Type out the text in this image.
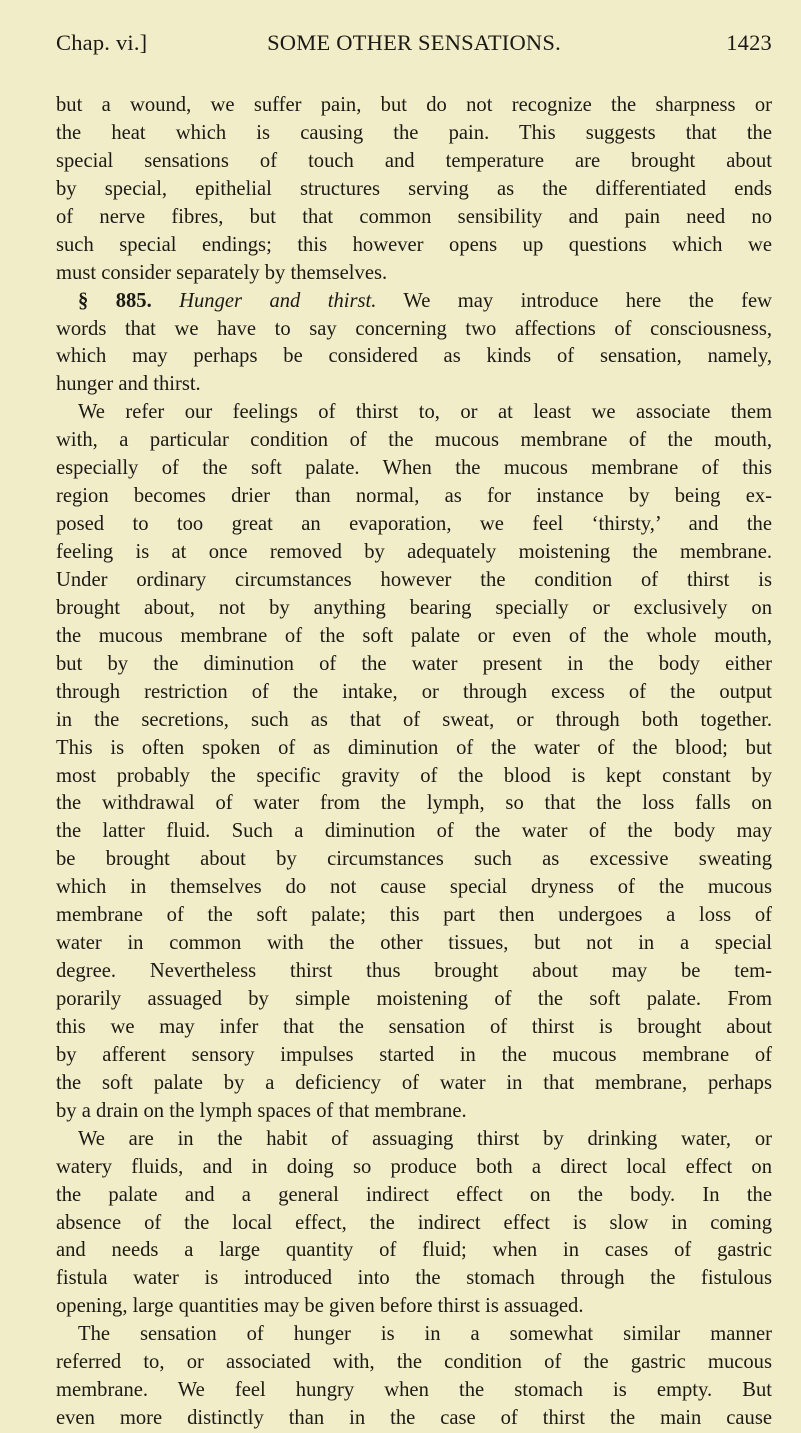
Chap. vi.]	SOME OTHER SENSATIONS.	1423
but a wound, we suffer pain, but do not recognize the sharpness or
the heat which is causing the pain. This suggests that the
special sensations of touch and temperature are brought about
by special, epithelial structures serving as the differentiated ends
of nerve fibres, but that common sensibility and pain need no
such special endings; this however opens up questions which we
must consider separately by themselves.
§ 885. Hunger and thirst. We may introduce here the few
words that we have to say concerning two affections of consciousness,
which may perhaps be considered as kinds of sensation, namely,
hunger and thirst.
We refer our feelings of thirst to, or at least we associate them
with, a particular condition of the mucous membrane of the mouth,
especially of the soft palate. When the mucous membrane of this
region becomes drier than normal, as for instance by being ex-
posed to too great an evaporation, we feel ‘thirsty,’ and the
feeling is at once removed by adequately moistening the membrane.
Under ordinary circumstances however the condition of thirst is
brought about, not by anything bearing specially or exclusively on
the mucous membrane of the soft palate or even of the whole mouth,
but by the diminution of the water present in the body either
through restriction of the intake, or through excess of the output
in the secretions, such as that of sweat, or through both together.
This is often spoken of as diminution of the water of the blood; but
most probably the specific gravity of the blood is kept constant by
the withdrawal of water from the lymph, so that the loss falls on
the latter fluid. Such a diminution of the water of the body may
be brought about by circumstances such as excessive sweating
which in themselves do not cause special dryness of the mucous
membrane of the soft palate; this part then undergoes a loss of
water in common with the other tissues, but not in a special
degree. Nevertheless thirst thus brought about may be tem-
porarily assuaged by simple moistening of the soft palate. From
this we may infer that the sensation of thirst is brought about
by afferent sensory impulses started in the mucous membrane of
the soft palate by a deficiency of water in that membrane, perhaps
by a drain on the lymph spaces of that membrane.
We are in the habit of assuaging thirst by drinking water, or
watery fluids, and in doing so produce both a direct local effect on
the palate and a general indirect effect on the body. In the
absence of the local effect, the indirect effect is slow in coming
and needs a large quantity of fluid; when in cases of gastric
fistula water is introduced into the stomach through the fistulous
opening, large quantities may be given before thirst is assuaged.
The sensation of hunger is in a somewhat similar manner
referred to, or associated with, the condition of the gastric mucous
membrane. We feel hungry when the stomach is empty. But
even more distinctly than in the case of thirst the main cause
